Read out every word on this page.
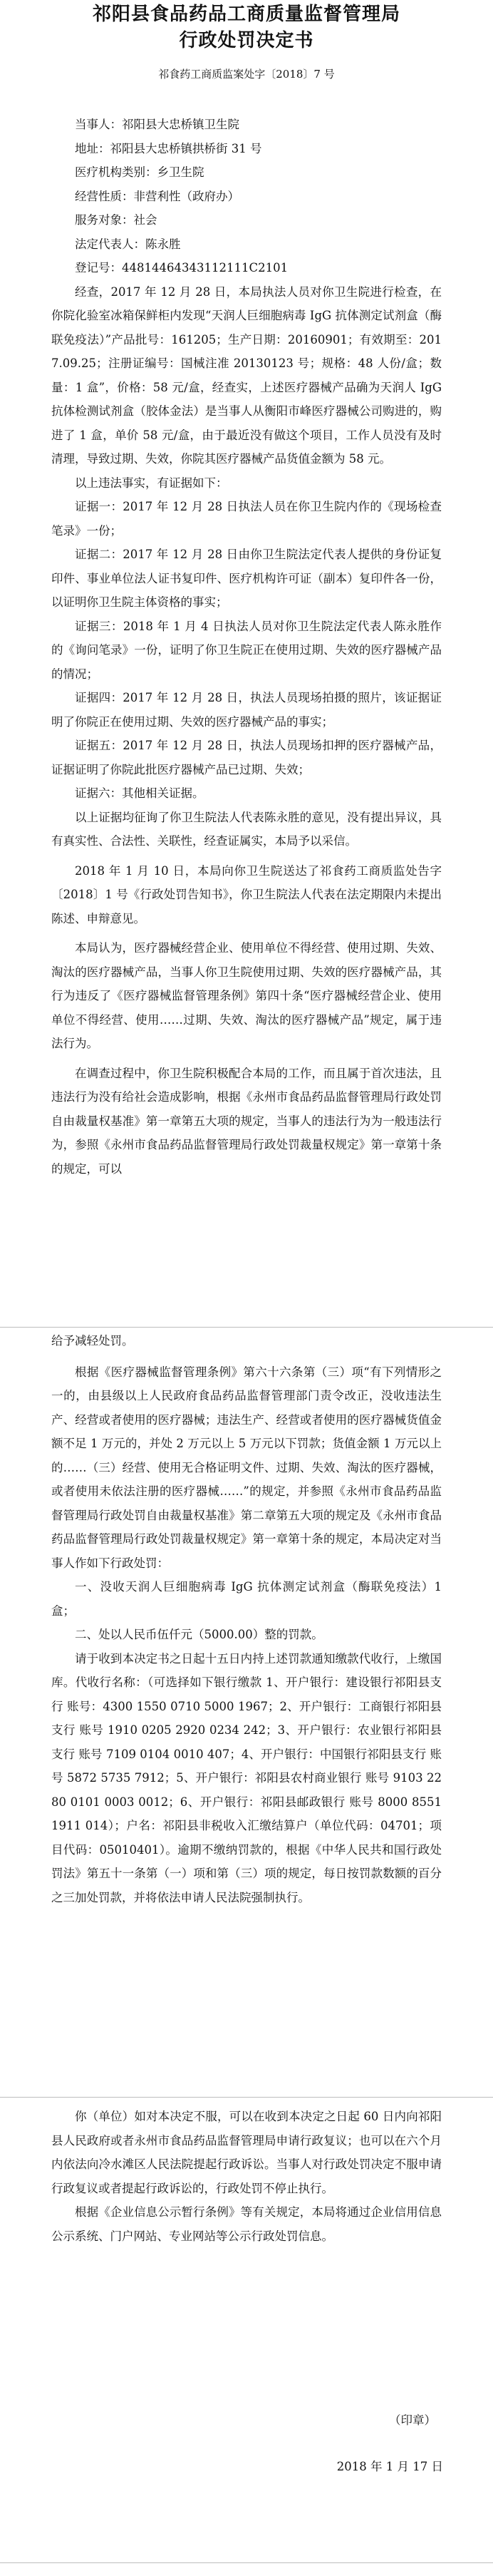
祁阳县食品药品工商质量监督管理局
行政处罚决定书
祁食药工商质监案处字〔2018〕7 号

当事人：祁阳县大忠桥镇卫生院

地址：祁阳县大忠桥镇拱桥街 31 号

医疗机构类别：乡卫生院

经营性质：非营利性（政府办）

服务对象：社会

法定代表人：陈永胜

登记号：44814464343112111C2101

经查，2017 年 12 月 28 日，本局执法人员对你卫生院进行检查，在你院化验室冰箱保鲜柜内发现“天润人巨细胞病毒 IgG 抗体测定试剂盒（酶联免疫法）”产品批号：161205；生产日期：20160901；有效期至：2017.09.25；注册证编号：国械注准 20130123 号；规格：48 人份/盒；数量：1 盒”，价格：58 元/盒，经查实，上述医疗器械产品确为天润人 IgG 抗体检测试剂盒（胶体金法）是当事人从衡阳市峰医疗器械公司购进的，购进了 1 盒，单价 58 元/盒，由于最近没有做这个项目，工作人员没有及时清理，导致过期、失效，你院其医疗器械产品货值金额为 58 元。

以上违法事实，有证据如下：

证据一：2017 年 12 月 28 日执法人员在你卫生院内作的《现场检查笔录》一份；

证据二：2017 年 12 月 28 日由你卫生院法定代表人提供的身份证复印件、事业单位法人证书复印件、医疗机构许可证（副本）复印件各一份，以证明你卫生院主体资格的事实；

证据三：2018 年 1 月 4 日执法人员对你卫生院法定代表人陈永胜作的《询问笔录》一份，证明了你卫生院正在使用过期、失效的医疗器械产品的情况；

证据四：2017 年 12 月 28 日，执法人员现场拍摄的照片，该证据证明了你院正在使用过期、失效的医疗器械产品的事实；

证据五：2017 年 12 月 28 日，执法人员现场扣押的医疗器械产品，证据证明了你院此批医疗器械产品已过期、失效；

证据六：其他相关证据。

以上证据均征询了你卫生院法人代表陈永胜的意见，没有提出异议，具有真实性、合法性、关联性，经查证属实，本局予以采信。

2018 年 1 月 10 日，本局向你卫生院送达了祁食药工商质监处告字〔2018〕1 号《行政处罚告知书》，你卫生院法人代表在法定期限内未提出陈述、申辩意见。

本局认为，医疗器械经营企业、使用单位不得经营、使用过期、失效、淘汰的医疗器械产品，当事人你卫生院使用过期、失效的医疗器械产品，其行为违反了《医疗器械监督管理条例》第四十条“医疗器械经营企业、使用单位不得经营、使用……过期、失效、淘汰的医疗器械产品”规定，属于违法行为。

在调查过程中，你卫生院积极配合本局的工作，而且属于首次违法，且违法行为没有给社会造成影响，根据《永州市食品药品监督管理局行政处罚自由裁量权基准》第一章第五大项的规定，当事人的违法行为为一般违法行为，参照《永州市食品药品监督管理局行政处罚裁量权规定》第一章第十条的规定，可以

给予减轻处罚。

根据《医疗器械监督管理条例》第六十六条第（三）项“有下列情形之一的，由县级以上人民政府食品药品监督管理部门责令改正，没收违法生产、经营或者使用的医疗器械；违法生产、经营或者使用的医疗器械货值金额不足 1 万元的，并处 2 万元以上 5 万元以下罚款；货值金额 1 万元以上的……（三）经营、使用无合格证明文件、过期、失效、淘汰的医疗器械，或者使用未依法注册的医疗器械……”的规定，并参照《永州市食品药品监督管理局行政处罚自由裁量权基准》第二章第五大项的规定及《永州市食品药品监督管理局行政处罚裁量权规定》第一章第十条的规定，本局决定对当事人作如下行政处罚：

一、没收天润人巨细胞病毒 IgG 抗体测定试剂盒（酶联免疫法）1 盒；

二、处以人民币伍仟元（5000.00）整的罚款。

请于收到本决定书之日起十五日内持上述罚款通知缴款代收行，上缴国库。代收行名称：（可选择如下银行缴款 1、开户银行：建设银行祁阳县支行 账号：4300 1550 0710 5000 1967；2、开户银行：工商银行祁阳县支行 账号 1910 0205 2920 0234 242；3、开户银行：农业银行祁阳县支行 账号 7109 0104 0010 407；4、开户银行：中国银行祁阳县支行 账号 5872 5735 7912；5、开户银行：祁阳县农村商业银行 账号 9103 2280 0101 0003 0012；6、开户银行：祁阳县邮政银行 账号 8000 8551 1911 014）；户名：祁阳县非税收入汇缴结算户（单位代码：04701；项目代码：05010401）。逾期不缴纳罚款的，根据《中华人民共和国行政处罚法》第五十一条第（一）项和第（三）项的规定，每日按罚款数额的百分之三加处罚款，并将依法申请人民法院强制执行。

你（单位）如对本决定不服，可以在收到本决定之日起 60 日内向祁阳县人民政府或者永州市食品药品监督管理局申请行政复议；也可以在六个月内依法向冷水滩区人民法院提起行政诉讼。当事人对行政处罚决定不服申请行政复议或者提起行政诉讼的，行政处罚不停止执行。

根据《企业信息公示暂行条例》等有关规定，本局将通过企业信用信息公示系统、门户网站、专业网站等公示行政处罚信息。

（印章）
2018 年 1 月 17 日
